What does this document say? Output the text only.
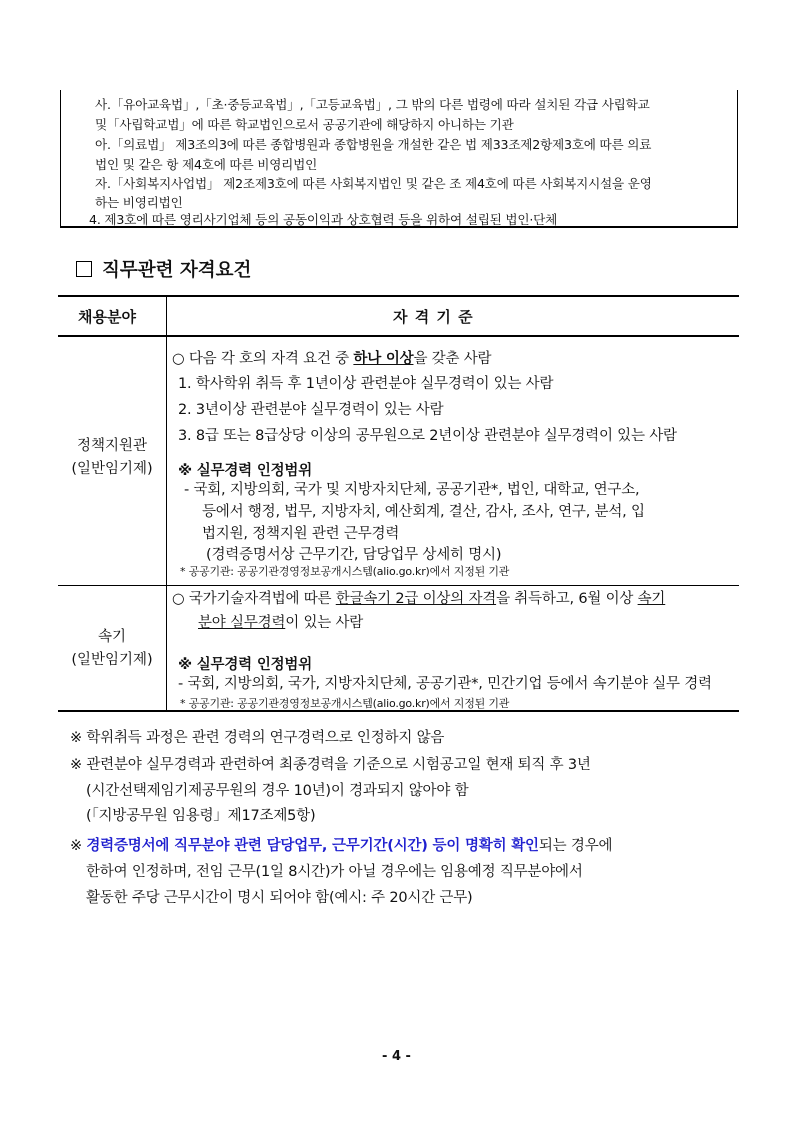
사.「유아교육법」,「초·중등교육법」,「고등교육법」, 그 밖의 다른 법령에 따라 설치된 각급 사립학교
및「사립학교법」에 따른 학교법인으로서 공공기관에 해당하지 아니하는 기관
아.「의료법」 제3조의3에 따른 종합병원과 종합병원을 개설한 같은 법 제33조제2항제3호에 따른 의료
법인 및 같은 항 제4호에 따른 비영리법인
자.「사회복지사업법」 제2조제3호에 따른 사회복지법인 및 같은 조 제4호에 따른 사회복지시설을 운영
하는 비영리법인
4. 제3호에 따른 영리사기업체 등의 공동이익과 상호협력 등을 위하여 설립된 법인·단체
직무관련 자격요건
채용분야	자 격 기 준
정책지원관
(일반임기제)
○ 다음 각 호의 자격 요건 중 하나 이상을 갖춘 사람
1. 학사학위 취득 후 1년이상 관련분야 실무경력이 있는 사람
2. 3년이상 관련분야 실무경력이 있는 사람
3. 8급 또는 8급상당 이상의 공무원으로 2년이상 관련분야 실무경력이 있는 사람
※ 실무경력 인정범위
- 국회, 지방의회, 국가 및 지방자치단체, 공공기관*, 법인, 대학교, 연구소,
등에서 행정, 법무, 지방자치, 예산회계, 결산, 감사, 조사, 연구, 분석, 입
법지원, 정책지원 관련 근무경력
(경력증명서상 근무기간, 담당업무 상세히 명시)
* 공공기관: 공공기관경영정보공개시스템(alio.go.kr)에서 지정된 기관
속기
(일반임기제)
○ 국가기술자격법에 따른 한글속기 2급 이상의 자격을 취득하고, 6월 이상 속기
분야 실무경력이 있는 사람
※ 실무경력 인정범위
- 국회, 지방의회, 국가, 지방자치단체, 공공기관*, 민간기업 등에서 속기분야 실무 경력
* 공공기관: 공공기관경영정보공개시스템(alio.go.kr)에서 지정된 기관
※ 학위취득 과정은 관련 경력의 연구경력으로 인정하지 않음
※ 관련분야 실무경력과 관련하여 최종경력을 기준으로 시험공고일 현재 퇴직 후 3년
(시간선택제임기제공무원의 경우 10년)이 경과되지 않아야 함
(「지방공무원 임용령」제17조제5항)
※ 경력증명서에 직무분야 관련 담당업무, 근무기간(시간) 등이 명확히 확인되는 경우에
한하여 인정하며, 전임 근무(1일 8시간)가 아닐 경우에는 임용예정 직무분야에서
활동한 주당 근무시간이 명시 되어야 함(예시: 주 20시간 근무)
- 4 -
